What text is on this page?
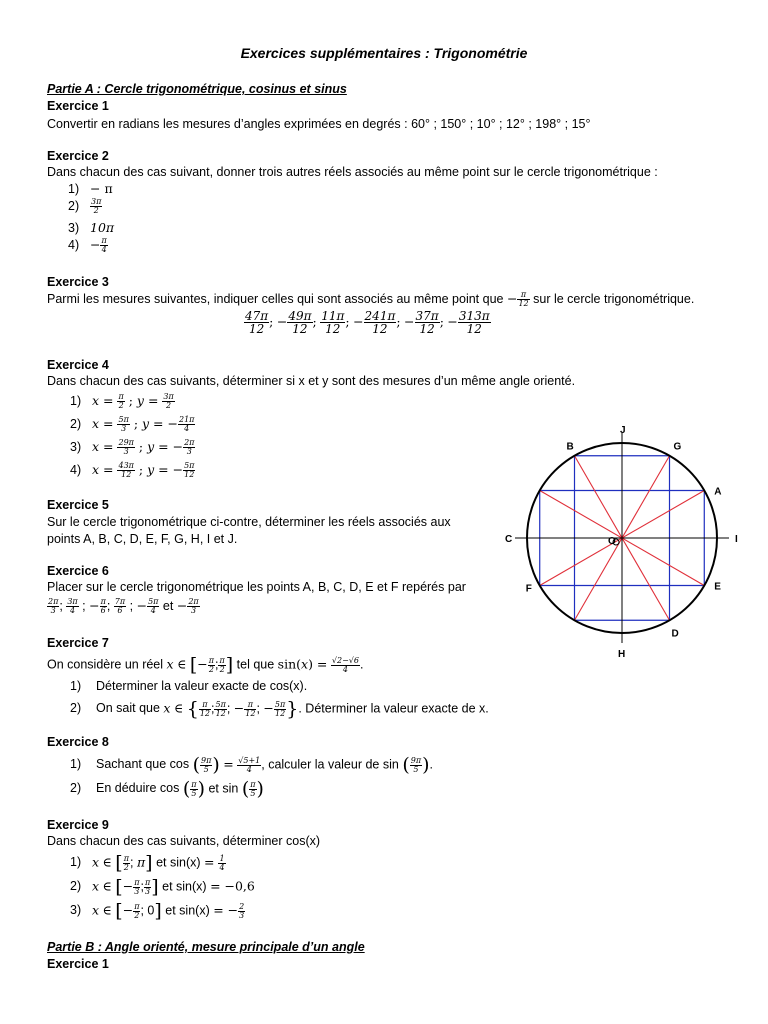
Exercices supplémentaires : Trigonométrie
Partie A : Cercle trigonométrique, cosinus et sinus
Exercice 1
Convertir en radians les mesures d’angles exprimées en degrés : 60° ; 150° ; 10° ; 12° ; 198° ; 15°
Exercice 2
Dans chacun des cas suivant, donner trois autres réels associés au même point sur le cercle trigonométrique :
1) − π
$2) \frac{3\pi}{2}$
3) 10π
$4) - \frac{\pi}{4}$
Exercice 3
Parmi les mesures suivantes, indiquer celles qui sont associés au même point que − $\frac{\pi}{12}$ sur le cercle trigonométrique.
$\frac{47\pi}{12}$ ; − $\frac{49\pi}{12}$ ; $\frac{11\pi}{12}$ ; − $\frac{241\pi}{12}$ ; − $\frac{37\pi}{12}$ ; − $\frac{313\pi}{12}$
Exercice 4
Dans chacun des cas suivants, déterminer si x et y sont des mesures d’un même angle orienté.
1) $x = \frac{\pi}{2}$ ; $y = \frac{3\pi}{2}$
2) $x = \frac{5\pi}{3}$ ; y = − $\frac{21\pi}{4}$
3) $x = \frac{29\pi}{3}$ ; y = − $\frac{2\pi}{3}$
4) $x = \frac{43\pi}{12}$ ; y = − $\frac{5\pi}{12}$
Exercice 5
Sur le cercle trigonométrique ci-contre, déterminer les réels associés aux
points A, B, C, D, E, F, G, H, I et J.
Exercice 6
Placer sur le cercle trigonométrique les points A, B, C, D, E et F repérés par
$\frac{2\pi}{3}$ ; $\frac{3\pi}{4}$ ; − $\frac{\pi}{6}$ ; $\frac{7\pi}{6}$ ; − $\frac{5\pi}{4}$ et − $\frac{2\pi}{3}$
Exercice 7
On considère un réel x ∈ [− $\frac{\pi}{2}$ ; $\frac{\pi}{2}$ ] tel que $\sin(x) = \frac{√2-√6}{4}$ .
1) Déterminer la valeur exacte de cos(x).
2) On sait que x ∈ { $\frac{\pi}{12}$ ; $\frac{5\pi}{12}$ ; − $\frac{\pi}{12}$ ; − $\frac{5\pi}{12}$ }. Déterminer la valeur exacte de x.
Exercice 8
1) Sachant que cos ( $\frac{9\pi}{5}$ ) = $\frac{√5+1}{4}$ , calculer la valeur de sin ( $\frac{9\pi}{5}$ ).
2) En déduire cos ( $\frac{\pi}{5}$ ) et sin ( $\frac{\pi}{5}$ )
Exercice 9
Dans chacun des cas suivants, déterminer cos(x)
1) x ∈ [ $\frac{\pi}{2}$ ; π] et $\sin(x) = \frac{1}{4}$
2) x ∈ [− $\frac{\pi}{3}$ ; $\frac{\pi}{3}$ ] et sin(x) = −0,6
3) x ∈ [− $\frac{\pi}{2}$ ; 0] et sin(x) = − $\frac{2}{3}$
Partie B : Angle orienté, mesure principale d’un angle
Exercice 1
A
B
C
D
E
F
G
H
I
J
O
